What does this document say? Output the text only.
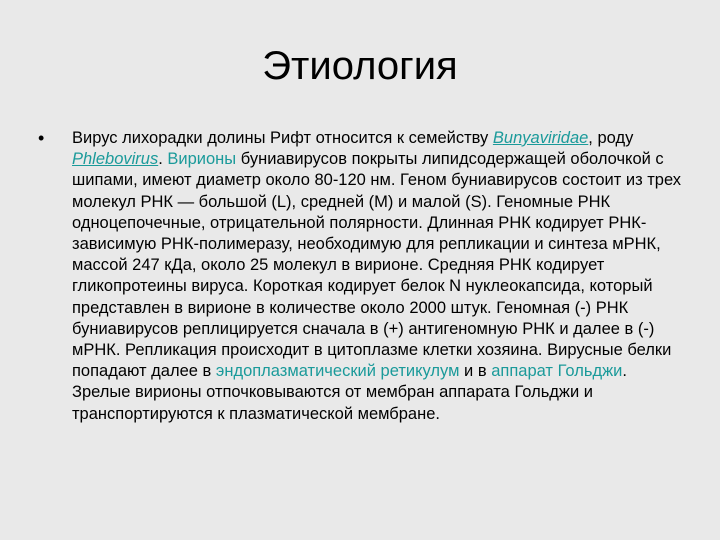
Этиология
• Вирус лихорадки долины Рифт относится к семейству Bunyaviridae, роду Phlebovirus. Вирионы буниавирусов покрыты липидсодержащей оболочкой с шипами, имеют диаметр около 80-120 нм. Геном буниавирусов состоит из трех молекул РНК — большой (L), средней (М) и малой (S). Геномные РНК одноцепочечные, отрицательной полярности. Длинная РНК кодирует РНК-зависимую РНК-полимеразу, необходимую для репликации и синтеза мРНК, массой 247 кДа, около 25 молекул в вирионе. Средняя РНК кодирует гликопротеины вируса. Короткая кодирует белок N нуклеокапсида, который представлен в вирионе в количестве около 2000 штук. Геномная (-) РНК буниавирусов реплицируется сначала в (+) антигеномную РНК и далее в (-) мРНК. Репликация происходит в цитоплазме клетки хозяина. Вирусные белки попадают далее в эндоплазматический ретикулум и в аппарат Гольджи. Зрелые вирионы отпочковываются от мембран аппарата Гольджи и транспортируются к плазматической мембране.
